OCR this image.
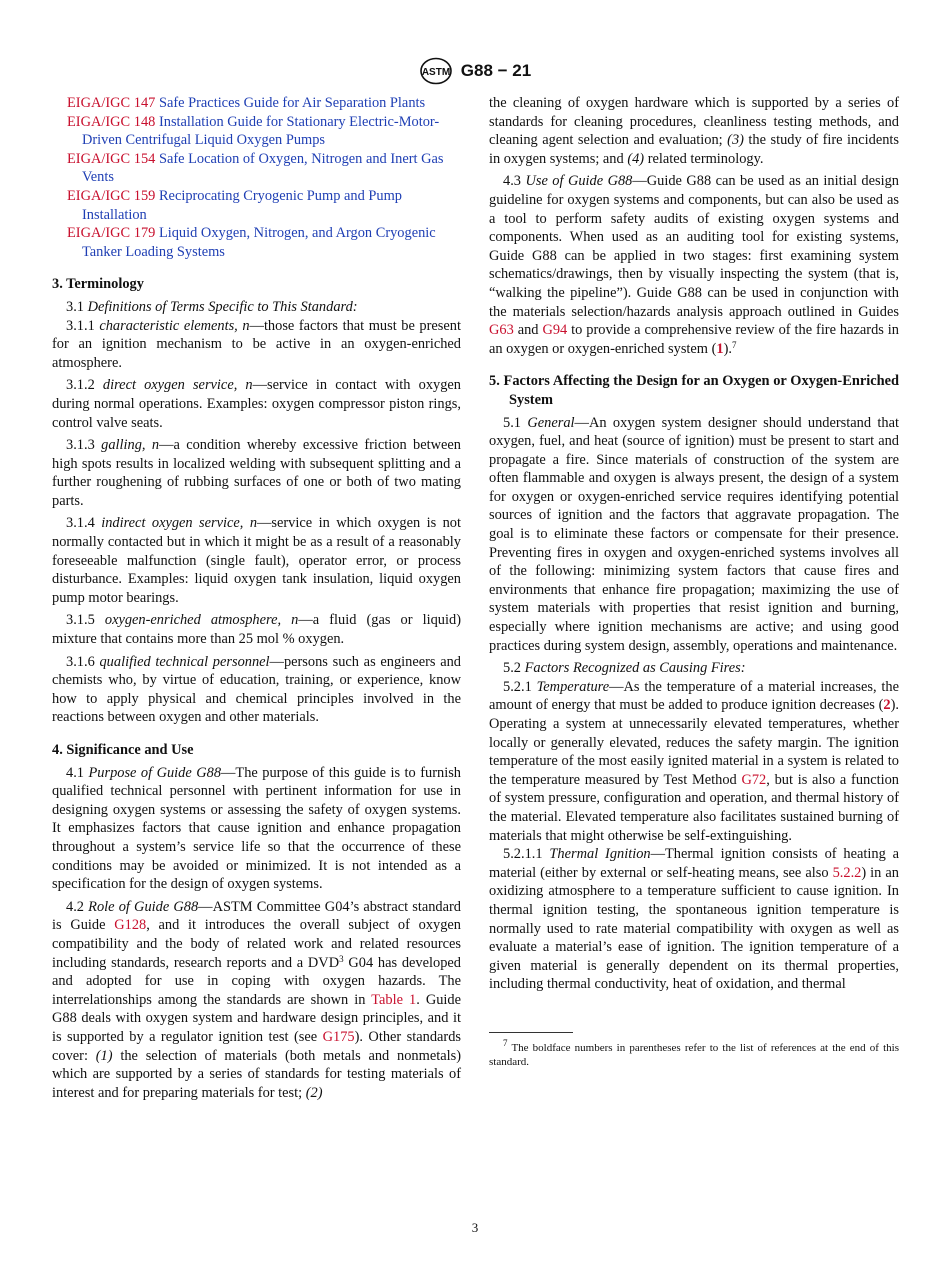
ASTM G88 − 21

EIGA/IGC 147 Safe Practices Guide for Air Separation Plants

EIGA/IGC 148 Installation Guide for Stationary Electric-Motor-Driven Centrifugal Liquid Oxygen Pumps

EIGA/IGC 154 Safe Location of Oxygen, Nitrogen and Inert Gas Vents

EIGA/IGC 159 Reciprocating Cryogenic Pump and Pump Installation

EIGA/IGC 179 Liquid Oxygen, Nitrogen, and Argon Cryogenic Tanker Loading Systems

3. Terminology

3.1 Definitions of Terms Specific to This Standard:

3.1.1 characteristic elements, n—those factors that must be present for an ignition mechanism to be active in an oxygen-enriched atmosphere.

3.1.2 direct oxygen service, n—service in contact with oxygen during normal operations. Examples: oxygen compressor piston rings, control valve seats.

3.1.3 galling, n—a condition whereby excessive friction between high spots results in localized welding with subsequent splitting and a further roughening of rubbing surfaces of one or both of two mating parts.

3.1.4 indirect oxygen service, n—service in which oxygen is not normally contacted but in which it might be as a result of a reasonably foreseeable malfunction (single fault), operator error, or process disturbance. Examples: liquid oxygen tank insulation, liquid oxygen pump motor bearings.

3.1.5 oxygen-enriched atmosphere, n—a fluid (gas or liquid) mixture that contains more than 25 mol % oxygen.

3.1.6 qualified technical personnel—persons such as engineers and chemists who, by virtue of education, training, or experience, know how to apply physical and chemical principles involved in the reactions between oxygen and other materials.

4. Significance and Use

4.1 Purpose of Guide G88—The purpose of this guide is to furnish qualified technical personnel with pertinent information for use in designing oxygen systems or assessing the safety of oxygen systems. It emphasizes factors that cause ignition and enhance propagation throughout a system’s service life so that the occurrence of these conditions may be avoided or minimized. It is not intended as a specification for the design of oxygen systems.

4.2 Role of Guide G88—ASTM Committee G04’s abstract standard is Guide G128, and it introduces the overall subject of oxygen compatibility and the body of related work and related resources including standards, research reports and a DVD$^3$ G04 has developed and adopted for use in coping with oxygen hazards. The interrelationships among the standards are shown in Table 1. Guide G88 deals with oxygen system and hardware design principles, and it is supported by a regulator ignition test (see G175). Other standards cover: (1) the selection of materials (both metals and nonmetals) which are supported by a series of standards for testing materials of interest and for preparing materials for test; (2)

the cleaning of oxygen hardware which is supported by a series of standards for cleaning procedures, cleanliness testing methods, and cleaning agent selection and evaluation; (3) the study of fire incidents in oxygen systems; and (4) related terminology.

4.3 Use of Guide G88—Guide G88 can be used as an initial design guideline for oxygen systems and components, but can also be used as a tool to perform safety audits of existing oxygen systems and components. When used as an auditing tool for existing systems, Guide G88 can be applied in two stages: first examining system schematics/drawings, then by visually inspecting the system (that is, “walking the pipeline”). Guide G88 can be used in conjunction with the materials selection/hazards analysis approach outlined in Guides G63 and G94 to provide a comprehensive review of the fire hazards in an oxygen or oxygen-enriched system (1).$^7$

5. Factors Affecting the Design for an Oxygen or Oxygen-Enriched System

5.1 General—An oxygen system designer should understand that oxygen, fuel, and heat (source of ignition) must be present to start and propagate a fire. Since materials of construction of the system are often flammable and oxygen is always present, the design of a system for oxygen or oxygen-enriched service requires identifying potential sources of ignition and the factors that aggravate propagation. The goal is to eliminate these factors or compensate for their presence. Preventing fires in oxygen and oxygen-enriched systems involves all of the following: minimizing system factors that cause fires and environments that enhance fire propagation; maximizing the use of system materials with properties that resist ignition and burning, especially where ignition mechanisms are active; and using good practices during system design, assembly, operations and maintenance.

5.2 Factors Recognized as Causing Fires:

5.2.1 Temperature—As the temperature of a material increases, the amount of energy that must be added to produce ignition decreases (2). Operating a system at unnecessarily elevated temperatures, whether locally or generally elevated, reduces the safety margin. The ignition temperature of the most easily ignited material in a system is related to the temperature measured by Test Method G72, but is also a function of system pressure, configuration and operation, and thermal history of the material. Elevated temperature also facilitates sustained burning of materials that might otherwise be self-extinguishing.

5.2.1.1 Thermal Ignition—Thermal ignition consists of heating a material (either by external or self-heating means, see also 5.2.2) in an oxidizing atmosphere to a temperature sufficient to cause ignition. In thermal ignition testing, the spontaneous ignition temperature is normally used to rate material compatibility with oxygen as well as evaluate a material’s ease of ignition. The ignition temperature of a given material is generally dependent on its thermal properties, including thermal conductivity, heat of oxidation, and thermal

$^7$ The boldface numbers in parentheses refer to the list of references at the end of this standard.

3
